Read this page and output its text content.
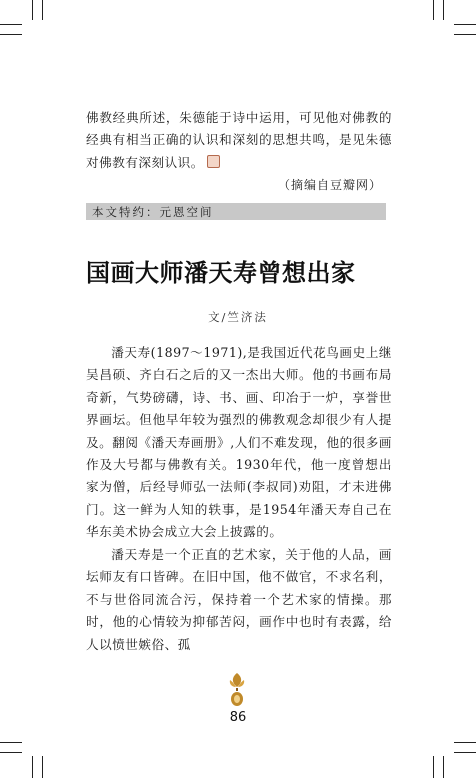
佛教经典所述，朱德能于诗中运用，可见他对佛教的经典有相当正确的认识和深刻的思想共鸣，是见朱德对佛教有深刻认识。

（摘编自豆瓣网）
本文特约：元恩空间
国画大师潘天寿曾想出家
文/竺济法

潘天寿(1897～1971),是我国近代花鸟画史上继吴昌硕、齐白石之后的又一杰出大师。他的书画布局奇新，气势磅礴，诗、书、画、印冶于一炉，享誉世界画坛。但他早年较为强烈的佛教观念却很少有人提及。翻阅《潘天寿画册》,人们不难发现，他的很多画作及大号都与佛教有关。1930年代，他一度曾想出家为僧，后经导师弘一法师(李叔同)劝阻，才未进佛门。这一鲜为人知的轶事，是1954年潘天寿自己在华东美术协会成立大会上披露的。

潘天寿是一个正直的艺术家，关于他的人品，画坛师友有口皆碑。在旧中国，他不做官，不求名利，不与世俗同流合污，保持着一个艺术家的情操。那时，他的心情较为抑郁苦闷，画作中也时有表露，给人以愤世嫉俗、孤

86
